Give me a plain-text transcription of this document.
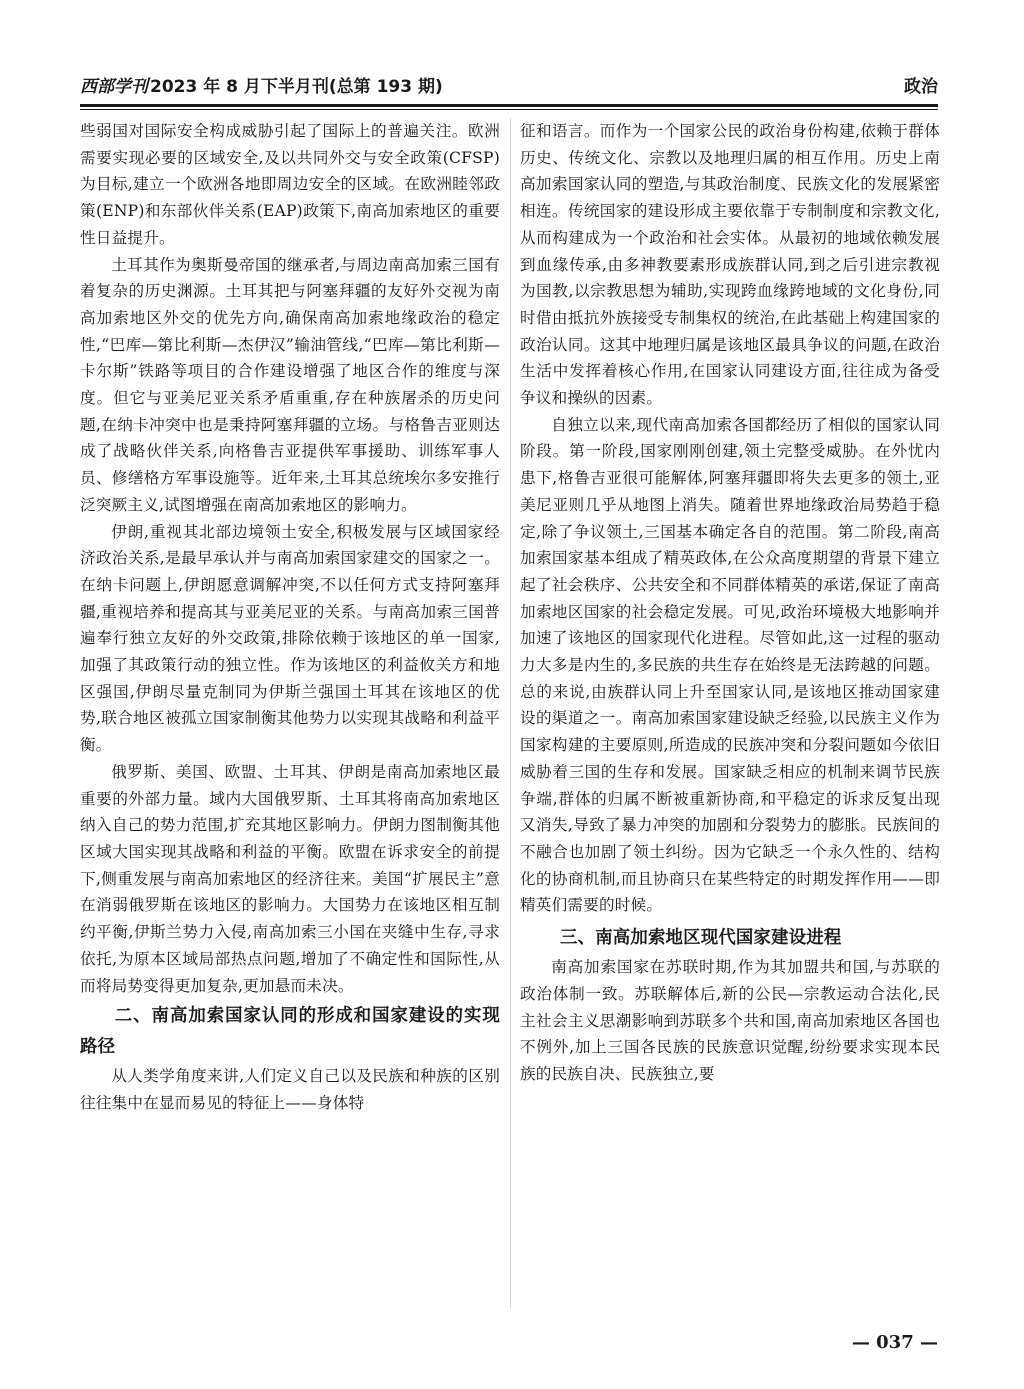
西部学刊 2023 年 8 月下半月刊(总第 193 期)	政治

些弱国对国际安全构成威胁引起了国际上的普遍关注。欧洲需要实现必要的区域安全,及以共同外交与安全政策(CFSP)为目标,建立一个欧洲各地即周边安全的区域。在欧洲睦邻政策(ENP)和东部伙伴关系(EAP)政策下,南高加索地区的重要性日益提升。

土耳其作为奥斯曼帝国的继承者,与周边南高加索三国有着复杂的历史渊源。土耳其把与阿塞拜疆的友好外交视为南高加索地区外交的优先方向,确保南高加索地缘政治的稳定性,“巴库—第比利斯—杰伊汉”输油管线,“巴库—第比利斯—卡尔斯”铁路等项目的合作建设增强了地区合作的维度与深度。但它与亚美尼亚关系矛盾重重,存在种族屠杀的历史问题,在纳卡冲突中也是秉持阿塞拜疆的立场。与格鲁吉亚则达成了战略伙伴关系,向格鲁吉亚提供军事援助、训练军事人员、修缮格方军事设施等。近年来,土耳其总统埃尔多安推行泛突厥主义,试图增强在南高加索地区的影响力。

伊朗,重视其北部边境领土安全,积极发展与区域国家经济政治关系,是最早承认并与南高加索国家建交的国家之一。在纳卡问题上,伊朗愿意调解冲突,不以任何方式支持阿塞拜疆,重视培养和提高其与亚美尼亚的关系。与南高加索三国普遍奉行独立友好的外交政策,排除依赖于该地区的单一国家,加强了其政策行动的独立性。作为该地区的利益攸关方和地区强国,伊朗尽量克制同为伊斯兰强国土耳其在该地区的优势,联合地区被孤立国家制衡其他势力以实现其战略和利益平衡。

俄罗斯、美国、欧盟、土耳其、伊朗是南高加索地区最重要的外部力量。域内大国俄罗斯、土耳其将南高加索地区纳入自己的势力范围,扩充其地区影响力。伊朗力图制衡其他区域大国实现其战略和利益的平衡。欧盟在诉求安全的前提下,侧重发展与南高加索地区的经济往来。美国“扩展民主”意在消弱俄罗斯在该地区的影响力。大国势力在该地区相互制约平衡,伊斯兰势力入侵,南高加索三小国在夹缝中生存,寻求依托,为原本区域局部热点问题,增加了不确定性和国际性,从而将局势变得更加复杂,更加悬而未决。

二、南高加索国家认同的形成和国家建设的实现路径

从人类学角度来讲,人们定义自己以及民族和种族的区别往往集中在显而易见的特征上——身体特

征和语言。而作为一个国家公民的政治身份构建,依赖于群体历史、传统文化、宗教以及地理归属的相互作用。历史上南高加索国家认同的塑造,与其政治制度、民族文化的发展紧密相连。传统国家的建设形成主要依靠于专制制度和宗教文化,从而构建成为一个政治和社会实体。从最初的地域依赖发展到血缘传承,由多神教要素形成族群认同,到之后引进宗教视为国教,以宗教思想为辅助,实现跨血缘跨地域的文化身份,同时借由抵抗外族接受专制集权的统治,在此基础上构建国家的政治认同。这其中地理归属是该地区最具争议的问题,在政治生活中发挥着核心作用,在国家认同建设方面,往往成为备受争议和操纵的因素。

自独立以来,现代南高加索各国都经历了相似的国家认同阶段。第一阶段,国家刚刚创建,领土完整受威胁。在外忧内患下,格鲁吉亚很可能解体,阿塞拜疆即将失去更多的领土,亚美尼亚则几乎从地图上消失。随着世界地缘政治局势趋于稳定,除了争议领土,三国基本确定各自的范围。第二阶段,南高加索国家基本组成了精英政体,在公众高度期望的背景下建立起了社会秩序、公共安全和不同群体精英的承诺,保证了南高加索地区国家的社会稳定发展。可见,政治环境极大地影响并加速了该地区的国家现代化进程。尽管如此,这一过程的驱动力大多是内生的,多民族的共生存在始终是无法跨越的问题。总的来说,由族群认同上升至国家认同,是该地区推动国家建设的渠道之一。南高加索国家建设缺乏经验,以民族主义作为国家构建的主要原则,所造成的民族冲突和分裂问题如今依旧威胁着三国的生存和发展。国家缺乏相应的机制来调节民族争端,群体的归属不断被重新协商,和平稳定的诉求反复出现又消失,导致了暴力冲突的加剧和分裂势力的膨胀。民族间的不融合也加剧了领土纠纷。因为它缺乏一个永久性的、结构化的协商机制,而且协商只在某些特定的时期发挥作用——即精英们需要的时候。

三、南高加索地区现代国家建设进程

南高加索国家在苏联时期,作为其加盟共和国,与苏联的政治体制一致。苏联解体后,新的公民—宗教运动合法化,民主社会主义思潮影响到苏联多个共和国,南高加索地区各国也不例外,加上三国各民族的民族意识觉醒,纷纷要求实现本民族的民族自决、民族独立,要

— 037 —
